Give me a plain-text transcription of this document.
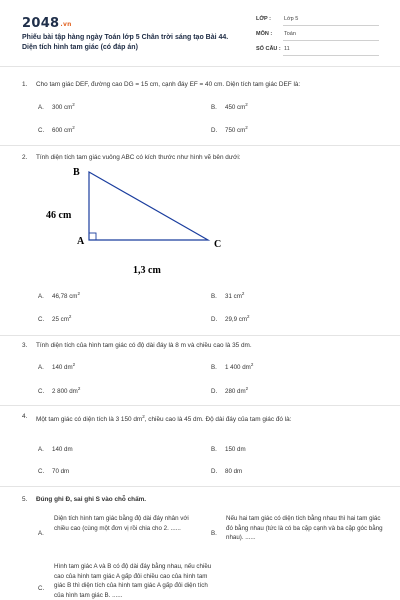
2048.vn
Phiếu bài tập hàng ngày Toán lớp 5 Chân trời sáng tạo Bài 44. Diện tích hình tam giác (có đáp án)
LỚP : Lớp 5
MÔN : Toán
SỐ CÂU : 11
1. Cho tam giác DEF, đường cao DG = 15 cm, cạnh đáy EF = 40 cm. Diện tích tam giác DEF là:
A. 300 $cm^2$	B. 450 $cm^2$
C. 600 $cm^2$	D. 750 $cm^2$
2. Tính diện tích tam giác vuông ABC có kích thước như hình vẽ bên dưới:
B
A	C
46 cm
1,3 cm
A. 46,78 $cm^2$	B. 31 $cm^2$
C. 25 $cm^2$	D. 29,9 $cm^2$
3. Tính diện tích của hình tam giác có độ dài đáy là 8 m và chiều cao là 35 dm.
A. 140 $dm^2$	B. 1 400 $dm^2$
C. 2 800 $dm^2$	D. 280 $dm^2$
4. Một tam giác có diện tích là 3 150 $dm^2$, chiều cao là 45 dm. Độ dài đáy của tam giác đó là:
A. 140 dm	B. 150 dm
C. 70 dm	D. 80 dm
5. Đúng ghi Đ, sai ghi S vào chỗ chấm.
A.
Diện tích hình tam giác bằng độ dài đáy nhân với chiều cao (cùng một đơn vị rồi chia cho 2. ......
B.
Nếu hai tam giác có diện tích bằng nhau thì hai tam giác đó bằng nhau (tức là có ba cặp cạnh và ba cặp góc bằng nhau). ......
C.
Hình tam giác A và B có độ dài đáy bằng nhau, nếu chiều cao của hình tam giác A gấp đôi chiều cao của hình tam giác B thì diện tích của hình tam giác A gấp đôi diện tích của hình tam giác B. ......
